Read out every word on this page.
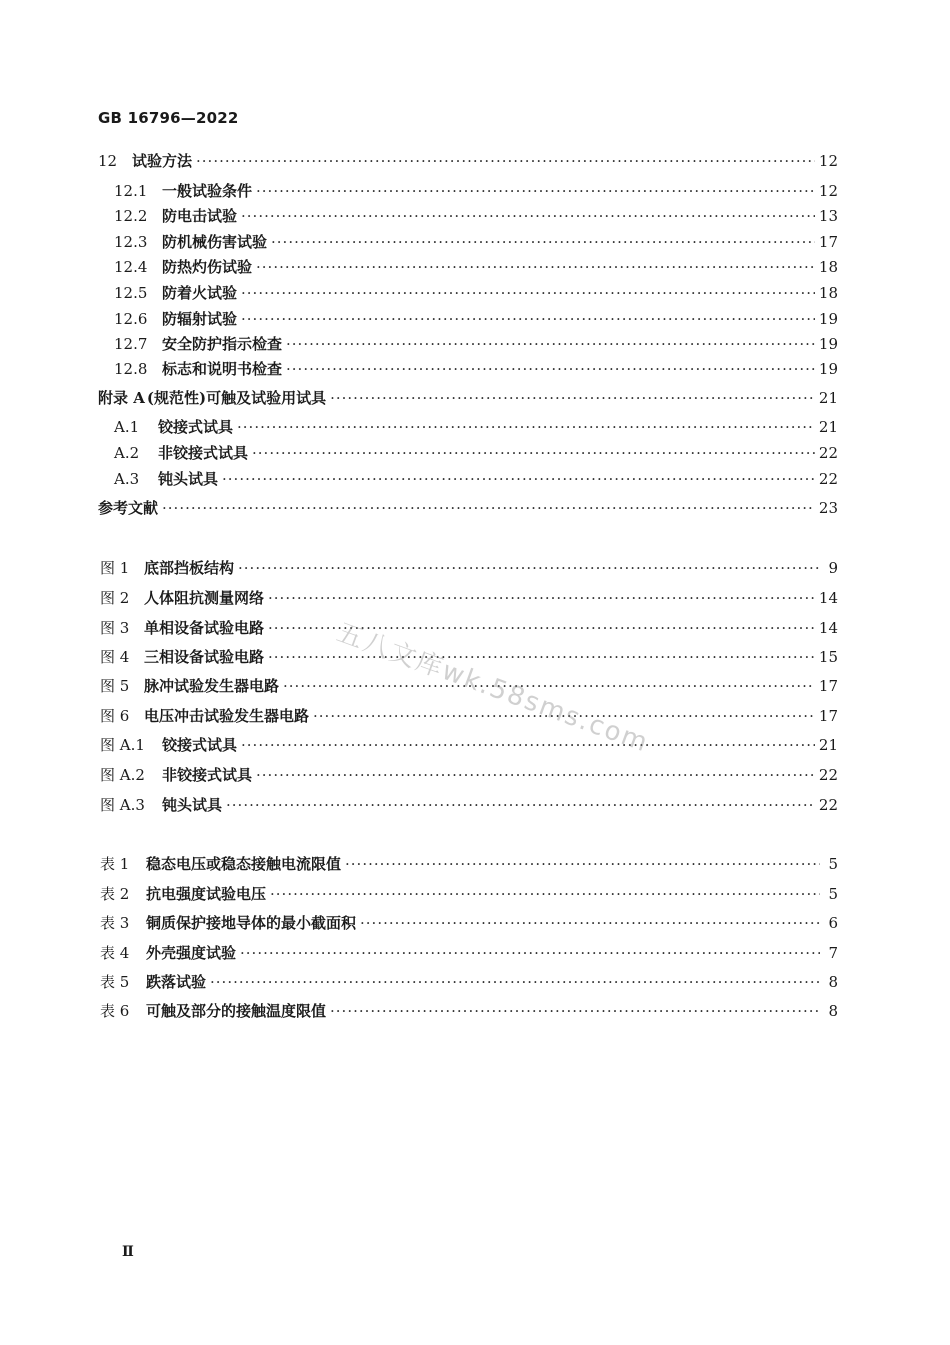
GB 16796—2022
12 试验方法 ·····	12
12.1 一般试验条件 ·····	12
12.2 防电击试验 ·····	13
12.3 防机械伤害试验 ·····	17
12.4 防热灼伤试验 ·····	18
12.5 防着火试验 ·····	18
12.6 防辐射试验 ·····	19
12.7 安全防护指示检查 ·····	19
12.8 标志和说明书检查 ·····	19
附录 A (规范性)可触及试验用试具 ·····	21
A.1	铰接式试具 ·····	21
A.2	非铰接式试具 ·····	22
A.3	钝头试具 ·····	22
参考文献 ·····	23
图 1 底部挡板结构 ·····	9
图 2 人体阻抗测量网络 ·····	14
图 3 单相设备试验电路 ·····	14
图 4 三相设备试验电路 ·····	15
图 5 脉冲试验发生器电路 ·····	17
图 6 电压冲击试验发生器电路 ·····	17
图 A.1	铰接式试具 ·····	21
图 A.2	非铰接式试具 ·····	22
图 A.3	钝头试具 ·····	22
表 1	稳态电压或稳态接触电流限值 ·····	5
表 2	抗电强度试验电压 ·····	5
表 3	铜质保护接地导体的最小截面积 ·····	6
表 4	外壳强度试验 ·····	7
表 5	跌落试验 ·····	8
表 6	可触及部分的接触温度限值 ·····	8
五八文库wk.58sms.com
Ⅱ
